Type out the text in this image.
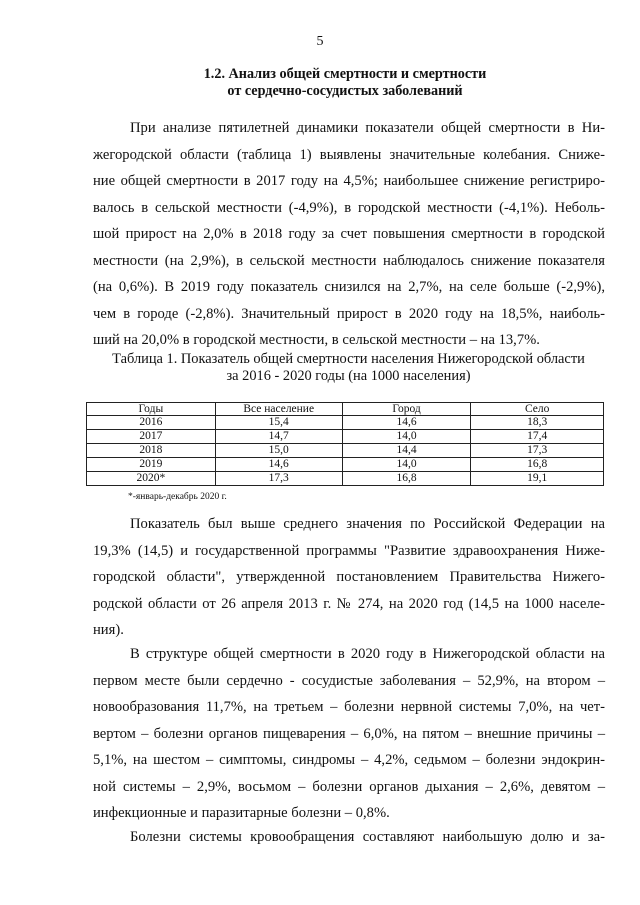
5
1.2. Анализ общей смертности и смертности
от сердечно-сосудистых заболеваний
При анализе пятилетней динамики показатели общей смертности в Ни-
жегородской области (таблица 1) выявлены значительные колебания. Сниже-
ние общей смертности в 2017 году на 4,5%; наибольшее снижение регистриро-
валось в сельской местности (-4,9%), в городской местности (-4,1%). Неболь-
шой прирост на 2,0% в 2018 году за счет повышения смертности в городской
местности (на 2,9%), в сельской местности наблюдалось снижение показателя
(на 0,6%). В 2019 году показатель снизился на 2,7%, на селе больше (-2,9%),
чем в городе (-2,8%). Значительный прирост в 2020 году на 18,5%, наиболь-
ший на 20,0% в городской местности, в сельской местности – на 13,7%.
Таблица 1. Показатель общей смертности населения Нижегородской области
за 2016 - 2020 годы (на 1000 населения)
Годы	Все население	Город	Село
2016	15,4	14,6	18,3
2017	14,7	14,0	17,4
2018	15,0	14,4	17,3
2019	14,6	14,0	16,8
2020*	17,3	16,8	19,1
*-январь-декабрь 2020 г.
Показатель был выше среднего значения по Российской Федерации на
19,3% (14,5) и государственной программы "Развитие здравоохранения Ниже-
городской области", утвержденной постановлением Правительства Нижего-
родской области от 26 апреля 2013 г. № 274, на 2020 год (14,5 на 1000 населе-
ния).
В структуре общей смертности в 2020 году в Нижегородской области на
первом месте были сердечно - сосудистые заболевания – 52,9%, на втором –
новообразования 11,7%, на третьем – болезни нервной системы 7,0%, на чет-
вертом – болезни органов пищеварения – 6,0%, на пятом – внешние причины –
5,1%, на шестом – симптомы, синдромы – 4,2%, седьмом – болезни эндокрин-
ной системы – 2,9%, восьмом – болезни органов дыхания – 2,6%, девятом –
инфекционные и паразитарные болезни – 0,8%.
Болезни системы кровообращения составляют наибольшую долю и за-
